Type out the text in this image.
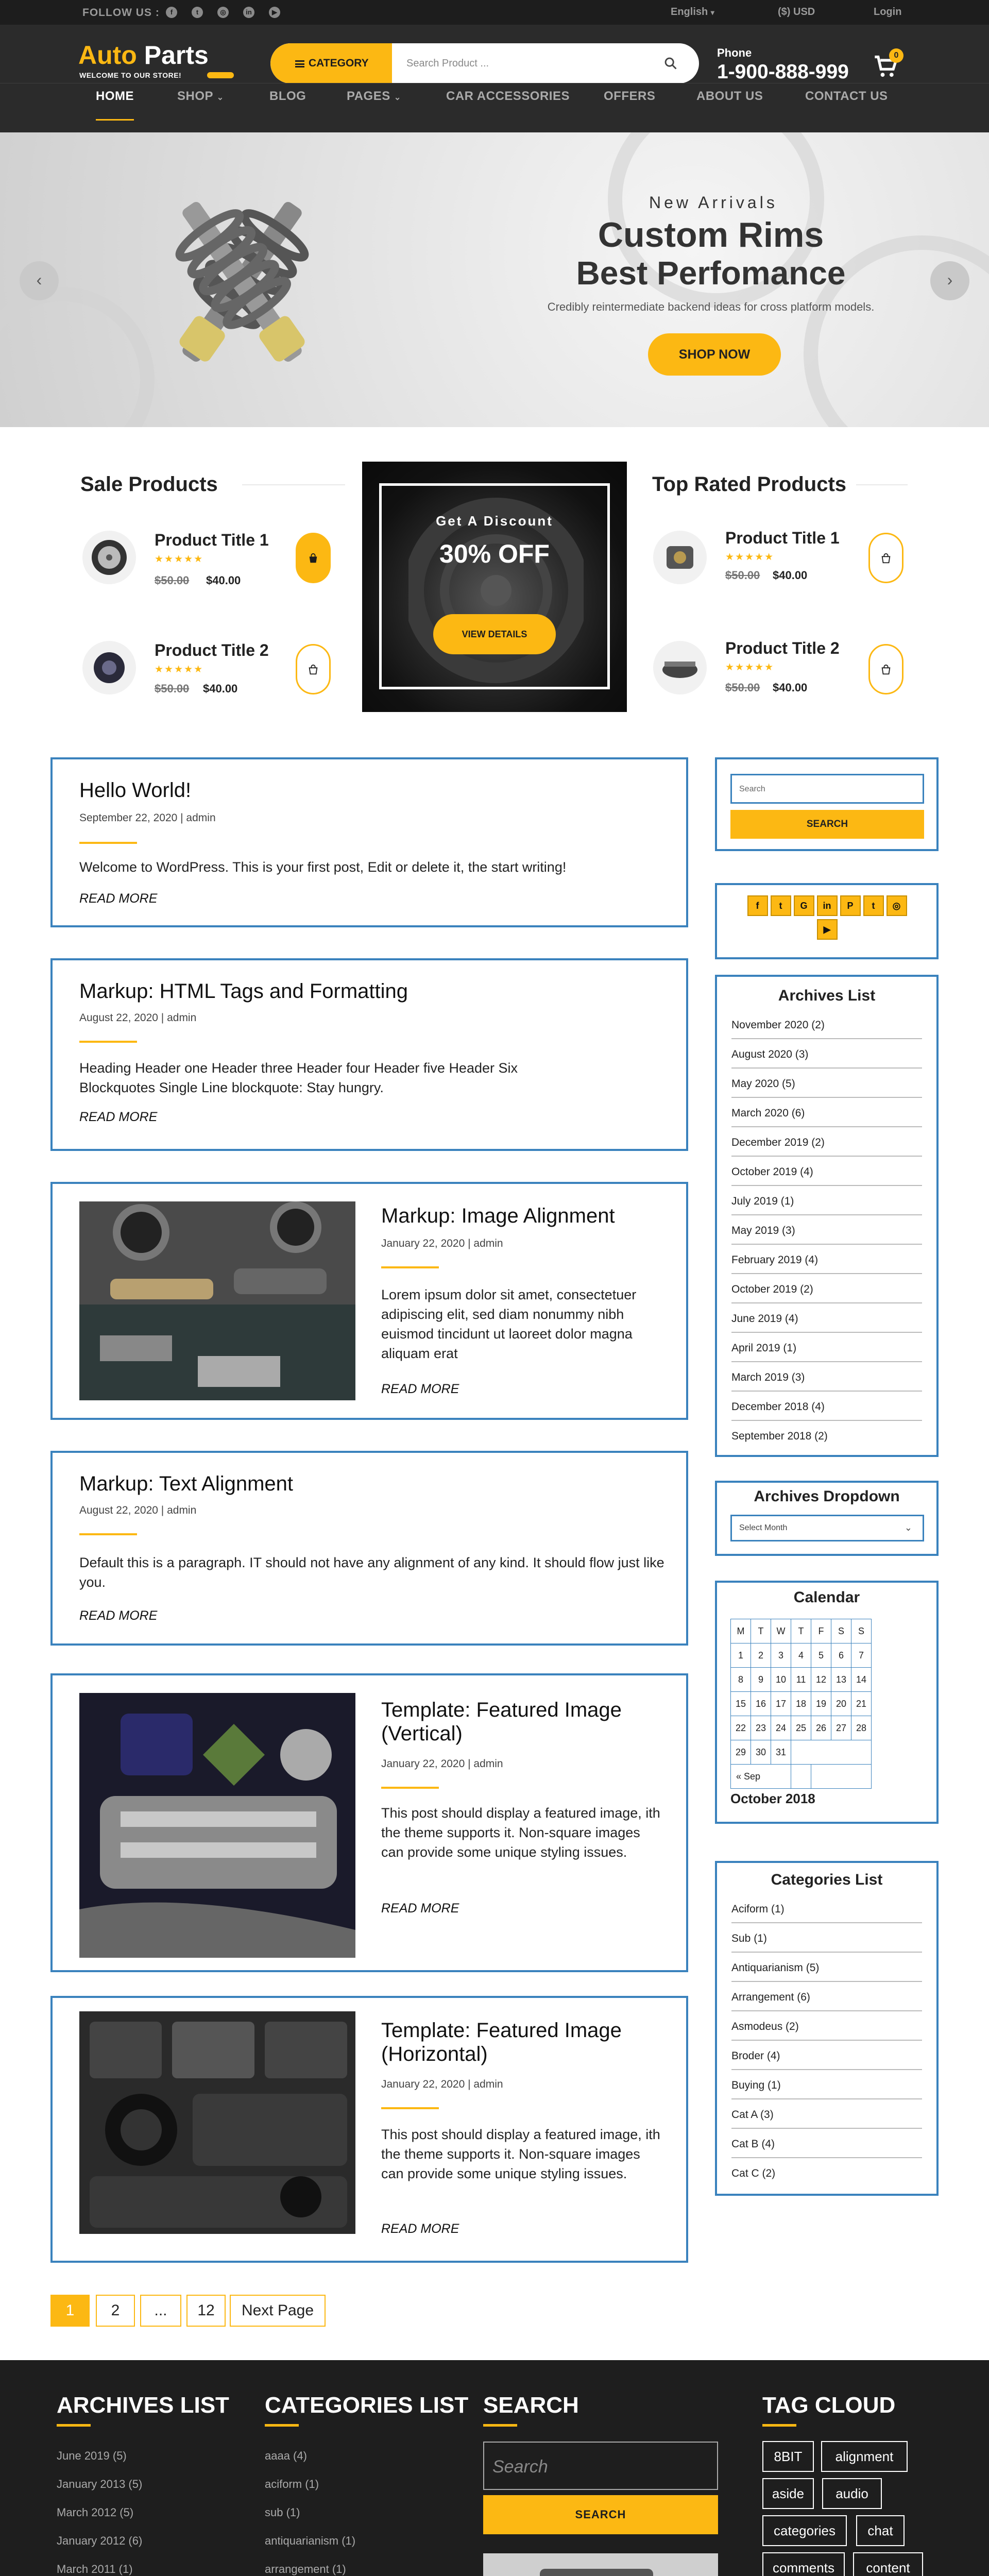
FOLLOW US :	f	t	◎	in	▶	English ▾	($) USD	Login
Auto Parts
WELCOME TO OUR STORE!
CATEGORY	Search Product ...
Phone
1-900-888-999
0
HOME	SHOP ⌄	BLOG	PAGES ⌄	CAR ACCESSORIES	OFFERS	ABOUT US	CONTACT US
‹	›
New Arrivals
Custom Rims
Best Perfomance
Credibly reintermediate backend ideas for cross platform models.
SHOP NOW
Sale Products
Product Title 1
★★★★★
$50.00 $40.00
Product Title 2
★★★★★
$50.00 $40.00
Get A Discount
30% OFF
VIEW DETAILS
Top Rated Products
Product Title 1
★★★★★
$50.00 $40.00
Product Title 2
★★★★★
$50.00 $40.00
Hello World!
September 22, 2020 | admin
Welcome to WordPress. This is your first post, Edit or delete it, the start writing!
READ MORE
Markup: HTML Tags and Formatting
August 22, 2020 | admin
Heading Header one Header three Header four Header five Header Six Blockquotes Single Line blockquote: Stay hungry.
READ MORE
Markup: Image Alignment
January 22, 2020 | admin
Lorem ipsum dolor sit amet, consectetuer adipiscing elit, sed diam nonummy nibh euismod tincidunt ut laoreet dolor magna aliquam erat
READ MORE
Markup: Text Alignment
August 22, 2020 | admin
Default this is a paragraph. IT should not have any alignment of any kind. It should flow just like you.
READ MORE
Template: Featured Image (Vertical)
January 22, 2020 | admin
This post should display a featured image, ith the theme supports it. Non-square images can provide some unique styling issues.
READ MORE
Template: Featured Image (Horizontal)
January 22, 2020 | admin
This post should display a featured image, ith the theme supports it. Non-square images can provide some unique styling issues.
READ MORE
1	2	...	12	Next Page
Search
SEARCH
f t G in P t ◎▶
Archives List
November 2020 (2)
August 2020 (3)
May 2020 (5)
March 2020 (6)
December 2019 (2)
October 2019 (4)
July 2019 (1)
May 2019 (3)
February 2019 (4)
October 2019 (2)
June 2019 (4)
April 2019 (1)
March 2019 (3)
December 2018 (4)
September 2018 (2)
Archives Dropdown
Select Month	⌄
Calendar
M	T	W	T	F	S	S
1	2	3	4	5	6	7
8	9	10	11	12	13	14
15	16	17	18	19	20	21
22	23	24	25	26	27	28
29	30	31				
« Sep						
October 2018
Categories List
Aciform (1)
Sub (1)
Antiquarianism (5)
Arrangement (6)
Asmodeus (2)
Broder (4)
Buying (1)
Cat A (3)
Cat B (4)
Cat C (2)
ARCHIVES LIST
June 2019 (5)
January 2013 (5)
March 2012 (5)
January 2012 (6)
March 2011 (1)
CATEGORIES LIST
aaaa (4)
aciform (1)
sub (1)
antiquarianism (1)
arrangement (1)
SEARCH
Search
SEARCH
TAG CLOUD
8BIT	alignment
aside	audio
categories	chat
comments	content
